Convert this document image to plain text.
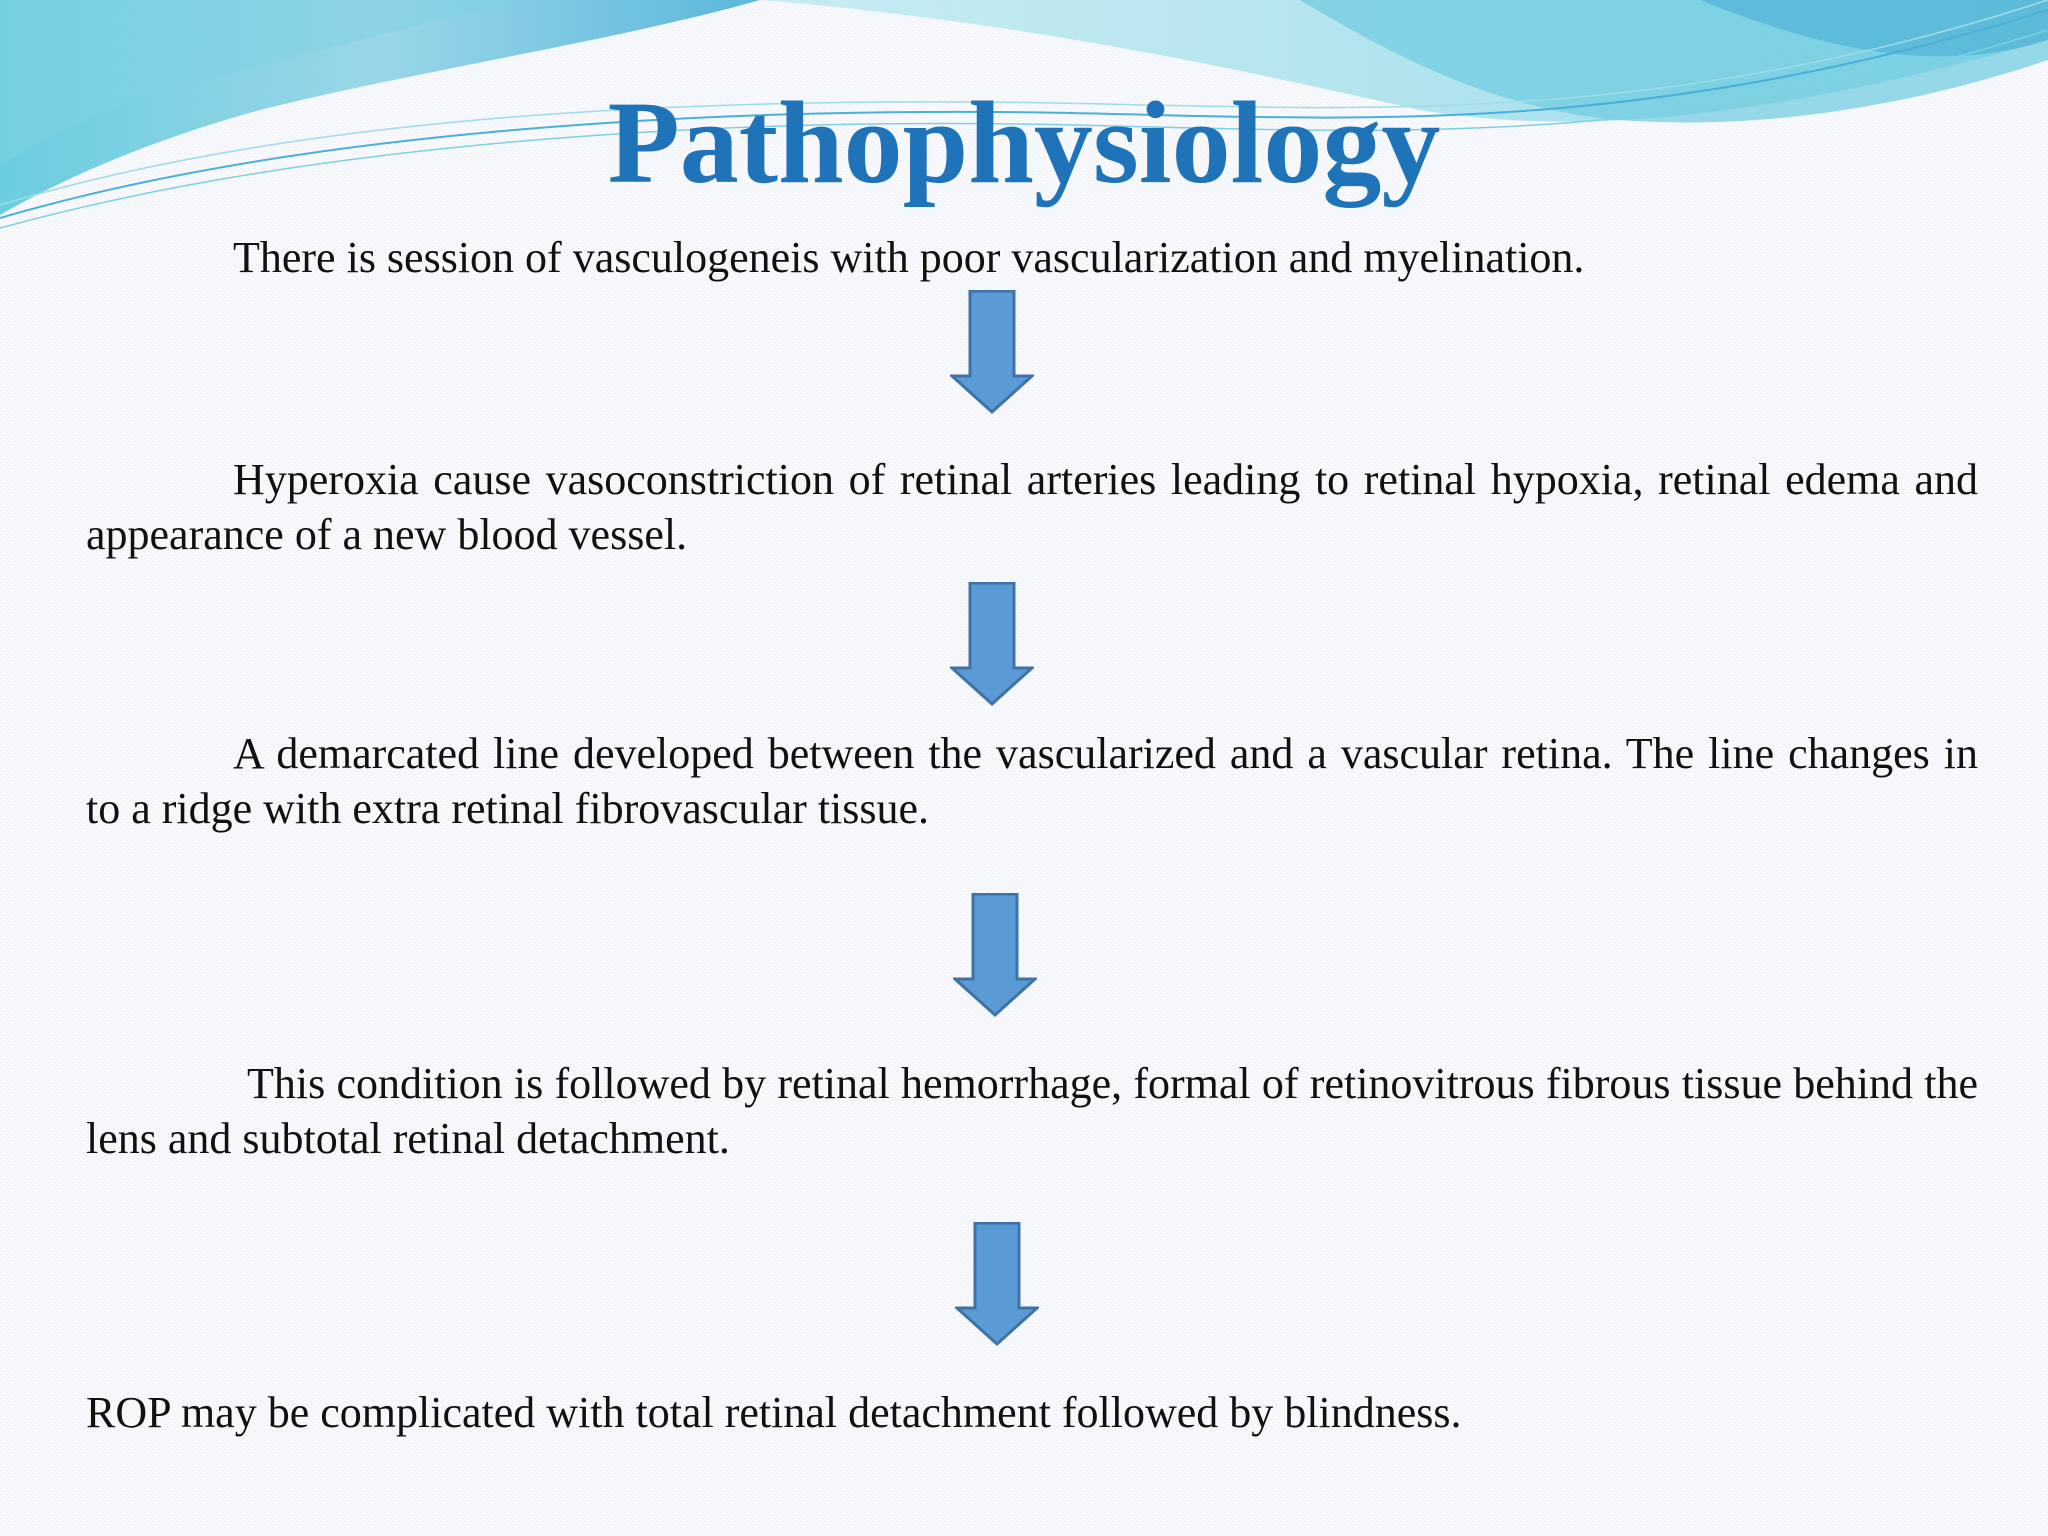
Pathophysiology

There is session of vasculogeneis with poor vascularization and myelination.

Hyperoxia cause vasoconstriction of retinal arteries leading to retinal hypoxia, retinal edema and appearance of a new blood vessel.

A demarcated line developed between the vascularized and a vascular retina. The line changes in to a ridge with extra retinal fibrovascular tissue.

This condition is followed by retinal hemorrhage, formal of retinovitrous fibrous tissue behind the lens and subtotal retinal detachment.

ROP may be complicated with total retinal detachment followed by blindness.
